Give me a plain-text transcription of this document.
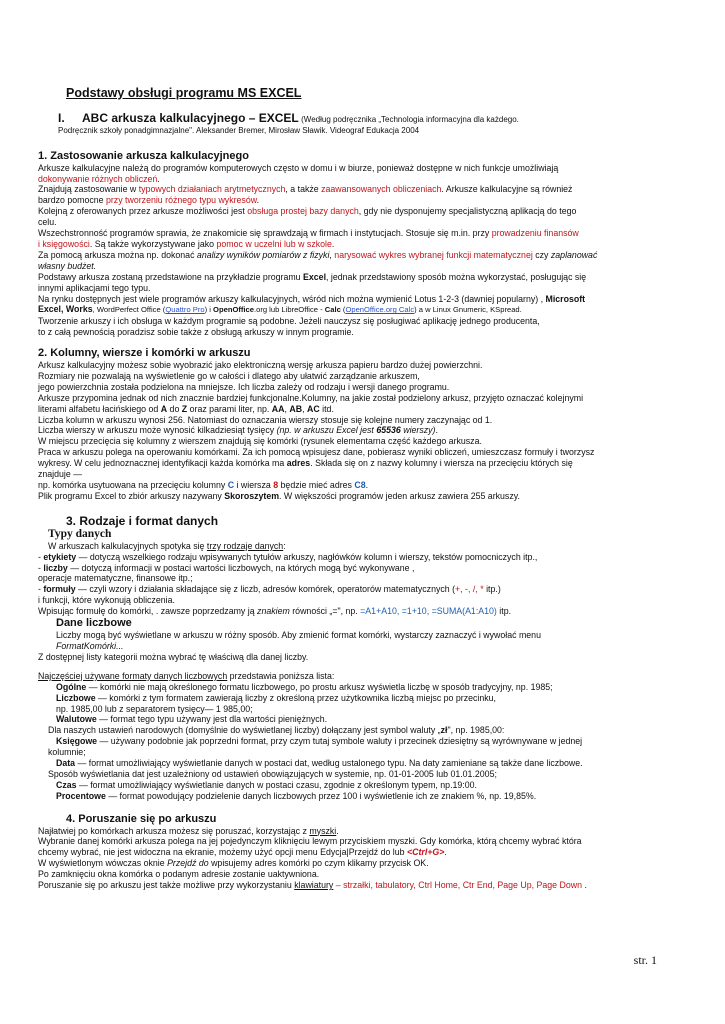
Podstawy obsługi programu MS EXCEL

I. ABC arkusza kalkulacyjnego – EXCEL (Według podręcznika „Technologia informacyjna dla każdego.

Podręcznik szkoły ponadgimnazjalne". Aleksander Bremer, Mirosław Sławik. Videograf Edukacja 2004

1. Zastosowanie arkusza kalkulacyjnego

Arkusze kalkulacyjne należą do programów komputerowych często w domu i w biurze, ponieważ dostępne w nich funkcje umożliwiają
dokonywanie różnych obliczeń.

Znajdują zastosowanie w typowych działaniach arytmetycznych, a także zaawansowanych obliczeniach. Arkusze kalkulacyjne są również
bardzo pomocne przy tworzeniu różnego typu wykresów.

Kolejną z oferowanych przez arkusze możliwości jest obsługa prostej bazy danych, gdy nie dysponujemy specjalistyczną aplikacją do tego
celu.

Wszechstronność programów sprawia, że znakomicie się sprawdzają w firmach i instytucjach. Stosuje się m.in. przy prowadzeniu finansów
i księgowości. Są także wykorzystywane jako pomoc w uczelni lub w szkole.

Za pomocą arkusza można np. dokonać analizy wyników pomiarów z fizyki, narysować wykres wybranej funkcji matematycznej czy zaplanować
własny budżet.

Podstawy arkusza zostaną przedstawione na przykładzie programu Excel, jednak przedstawiony sposób można wykorzystać, posługując się
innymi aplikacjami tego typu.

Na rynku dostępnych jest wiele programów arkuszy kalkulacyjnych, wśród nich można wymienić Lotus 1-2-3 (dawniej popularny) , Microsoft
Excel, Works, WordPerfect Office (Quattro Pro) i OpenOffice.org lub LibreOffice - Calc (OpenOffice.org Calc) a w Linux Gnumeric, KSpread.

Tworzenie arkuszy i ich obsługa w każdym programie są podobne. Jeżeli nauczysz się posługiwać aplikację jednego producenta,
to z całą pewnością poradzisz sobie także z obsługą arkuszy w innym programie.

2. Kolumny, wiersze i komórki w arkuszu

Arkusz kalkulacyjny możesz sobie wyobrazić jako elektroniczną wersję arkusza papieru bardzo dużej powierzchni.

Rozmiary nie pozwalają na wyświetlenie go w całości i dlatego aby ułatwić zarządzanie arkuszem,

jego powierzchnia została podzielona na mniejsze. Ich liczba zależy od rodzaju i wersji danego programu.

Arkusze przypomina jednak od nich znacznie bardziej funkcjonalne.Kolumny, na jakie został podzielony arkusz, przyjęto oznaczać kolejnymi
literami alfabetu łacińskiego od A do Z oraz parami liter, np. AA, AB, AC itd.

Liczba kolumn w arkuszu wynosi 256. Natomiast do oznaczania wierszy stosuje się kolejne numery zaczynając od 1.

Liczba wierszy w arkuszu może wynosić kilkadziesiąt tysięcy (np. w arkuszu Excel jest 65536 wierszy).

W miejscu przecięcia się kolumny z wierszem znajdują się komórki (rysunek elementarna część każdego arkusza.

Praca w arkuszu polega na operowaniu komórkami. Za ich pomocą wpisujesz dane, pobierasz wyniki obliczeń, umieszczasz formuły i tworzysz
wykresy. W celu jednoznacznej identyfikacji każda komórka ma adres. Składa się on z nazwy kolumny i wiersza na przecięciu których się
znajduje —

np. komórka usytuowana na przecięciu kolumny C i wiersza 8 będzie mieć adres C8.

Plik programu Excel to zbiór arkuszy nazywany Skoroszytem. W większości programów jeden arkusz zawiera 255 arkuszy.

3. Rodzaje i format danych

Typy danych

W arkuszach kalkulacyjnych spotyka się trzy rodzaje danych:

- etykiety — dotyczą wszelkiego rodzaju wpisywanych tytułów arkuszy, nagłówków kolumn i wierszy, tekstów pomocniczych itp.,

- liczby — dotyczą informacji w postaci wartości liczbowych, na których mogą być wykonywane ,
operacje matematyczne, finansowe itp.;

- formuły — czyli wzory i działania składające się z liczb, adresów komórek, operatorów matematycznych (+, -, /, * itp.)
i funkcji, które wykonują obliczenia.

Wpisując formułę do komórki, . zawsze poprzedzamy ją znakiem równości „=", np. =A1+A10, =1+10, =SUMA(A1:A10) itp.

Dane liczbowe

Liczby mogą być wyświetlane w arkuszu w różny sposób. Aby zmienić format komórki, wystarczy zaznaczyć i wywołać menu

FormatKomórki...

Z dostępnej listy kategorii można wybrać tę właściwą dla danej liczby.

Najczęściej używane formaty danych liczbowych przedstawia poniższa lista:

Ogólne — komórki nie mają określonego formatu liczbowego, po prostu arkusz wyświetla liczbę w sposób tradycyjny, np. 1985;

Liczbowe — komórki z tym formatem zawierają liczby z określoną przez użytkownika liczbą miejsc po przecinku,

np. 1985,00 lub z separatorem tysięcy— 1 985,00;

Walutowe — format tego typu używany jest dla wartości pieniężnych.

Dla naszych ustawień narodowych (domyślnie do wyświetlanej liczby) dołączany jest symbol waluty „zł", np. 1985,00:

Księgowe — używany podobnie jak poprzedni format, przy czym tutaj symbole waluty i przecinek dziesiętny są wyrównywane w jednej

kolumnie;

Data — format umożliwiający wyświetlanie danych w postaci dat, według ustalonego typu. Na daty zamieniane są także dane liczbowe.

Sposób wyświetlania dat jest uzależniony od ustawień obowiązujących w systemie, np. 01-01-2005 lub 01.01.2005;

Czas — format umożliwiający wyświetlanie danych w postaci czasu, zgodnie z określonym typem, np.19:00.

Procentowe — format powodujący podzielenie danych liczbowych przez 100 i wyświetlenie ich ze znakiem %, np. 19,85%.

4. Poruszanie się po arkuszu

Najłatwiej po komórkach arkusza możesz się poruszać, korzystając z myszki.

Wybranie danej komórki arkusza polega na jej pojedynczym kliknięciu lewym przyciskiem myszki. Gdy komórka, którą chcemy wybrać która
chcemy wybrać, nie jest widoczna na ekranie, możemy użyć opcji menu Edycja|Przejdź do lub <Ctrl+G>.

W wyświetlonym wówczas oknie Przejdź do wpisujemy adres komórki po czym klikamy przycisk OK.

Po zamknięciu okna komórka o podanym adresie zostanie uaktywniona.

Poruszanie się po arkuszu jest także możliwe przy wykorzystaniu klawiatury – strzałki, tabulatory, Ctrl Home, Ctr End, Page Up, Page Down .

str. 1
